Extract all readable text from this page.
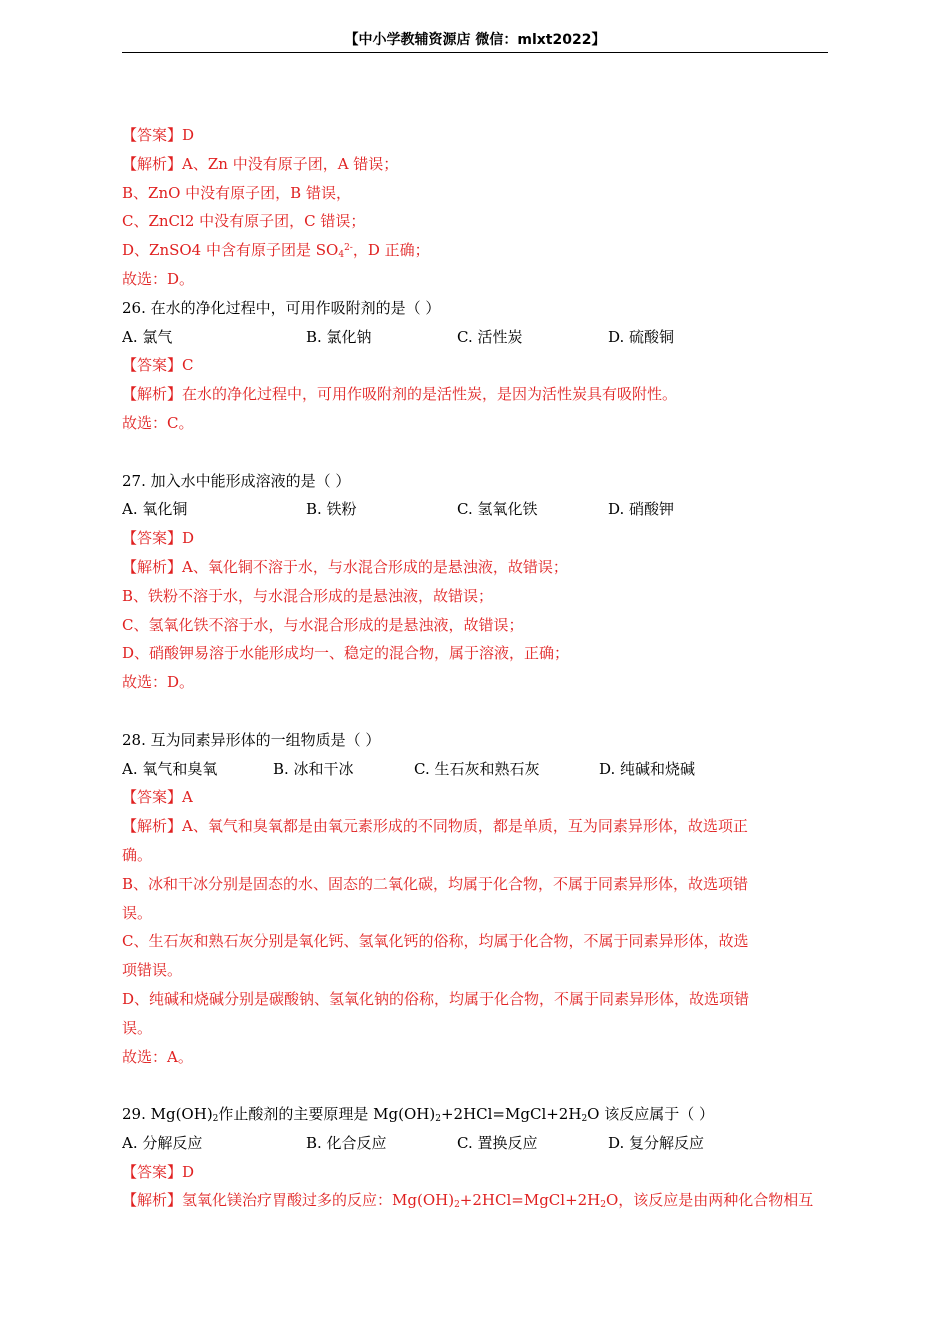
【中小学教辅资源店 微信：mlxt2022】
【答案】D
【解析】A、Zn 中没有原子团，A 错误；
B、ZnO 中没有原子团，B 错误，
C、ZnCl2 中没有原子团，C 错误；
D、ZnSO4 中含有原子团是 $SO_4^{2-}$，D 正确；
故选：D。
26. 在水的净化过程中，可用作吸附剂的是（ ）
A. 氯气	B. 氯化钠	C. 活性炭	D. 硫酸铜
【答案】C
【解析】在水的净化过程中，可用作吸附剂的是活性炭，是因为活性炭具有吸附性。
故选：C。
27. 加入水中能形成溶液的是（ ）
A. 氧化铜	B. 铁粉	C. 氢氧化铁	D. 硝酸钾
【答案】D
【解析】A、氧化铜不溶于水，与水混合形成的是悬浊液，故错误；
B、铁粉不溶于水，与水混合形成的是悬浊液，故错误；
C、氢氧化铁不溶于水，与水混合形成的是悬浊液，故错误；
D、硝酸钾易溶于水能形成均一、稳定的混合物，属于溶液，正确；
故选：D。
28. 互为同素异形体的一组物质是（ ）
A. 氧气和臭氧	B. 冰和干冰	C. 生石灰和熟石灰	D. 纯碱和烧碱
【答案】A
【解析】A、氧气和臭氧都是由氧元素形成的不同物质，都是单质，互为同素异形体，故选项正
确。
B、冰和干冰分别是固态的水、固态的二氧化碳，均属于化合物，不属于同素异形体，故选项错
误。
C、生石灰和熟石灰分别是氧化钙、氢氧化钙的俗称，均属于化合物，不属于同素异形体，故选
项错误。
D、纯碱和烧碱分别是碳酸钠、氢氧化钠的俗称，均属于化合物，不属于同素异形体，故选项错
误。
故选：A。
29. $Mg(OH)_2$作止酸剂的主要原理是 $Mg(OH)_2+2HCl=MgCl+2H_2O$ 该反应属于（ ）
A. 分解反应	B. 化合反应	C. 置换反应	D. 复分解反应
【答案】D
【解析】氢氧化镁治疗胃酸过多的反应：$Mg(OH)_2+2HCl=MgCl+2H_2O$，该反应是由两种化合物相互
